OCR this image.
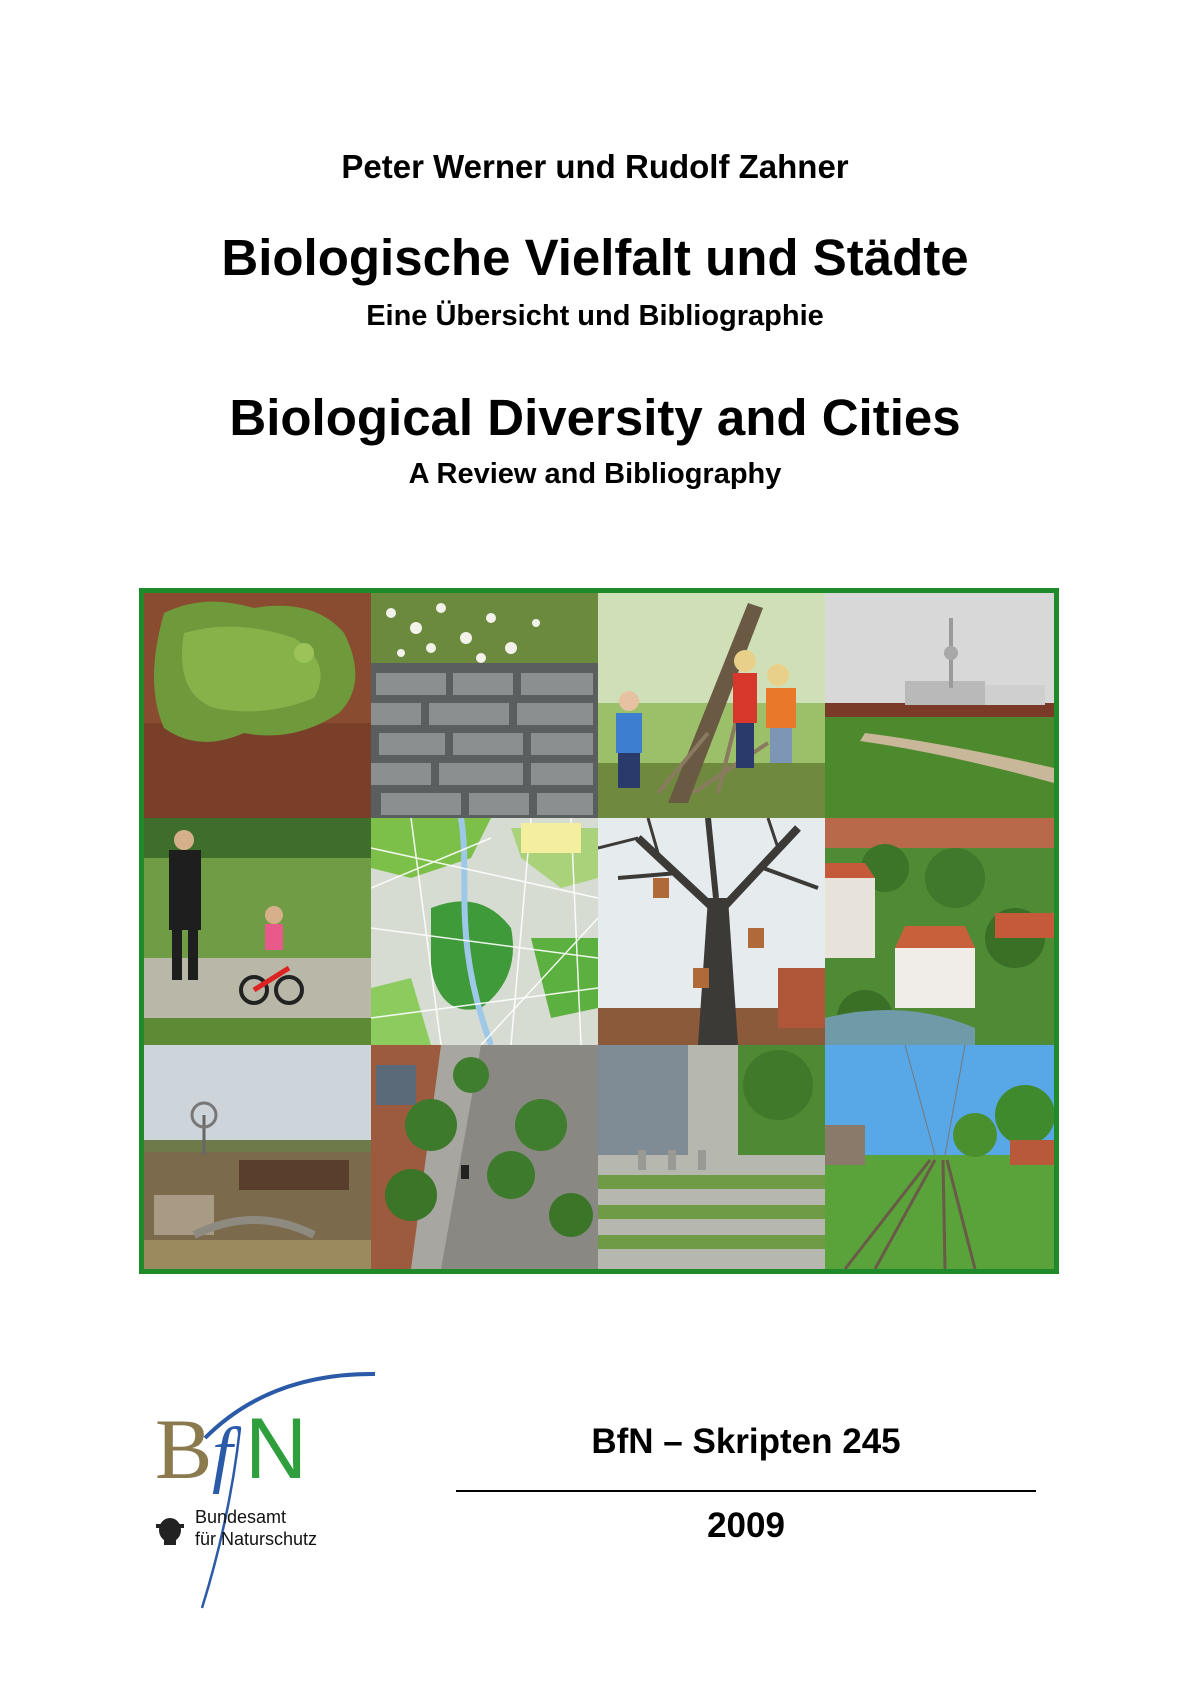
Peter Werner und Rudolf Zahner
Biologische Vielfalt und Städte
Eine Übersicht und Bibliographie
Biological Diversity and Cities
A Review and Bibliography
B f N
Bundesamt
für Naturschutz
BfN – Skripten 245
2009
